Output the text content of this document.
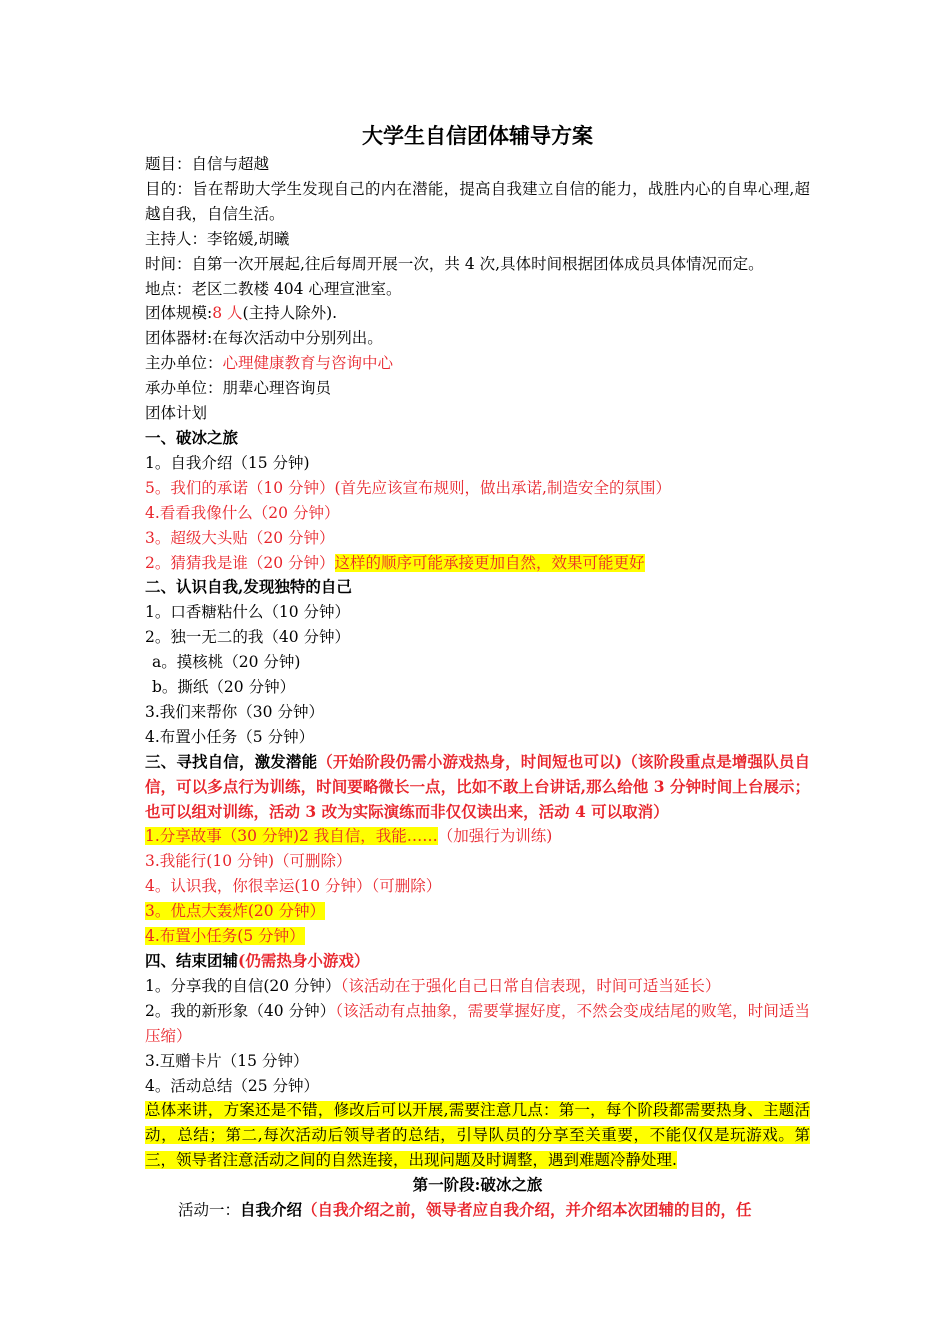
大学生自信团体辅导方案
题目：自信与超越
目的：旨在帮助大学生发现自己的内在潜能，提高自我建立自信的能力，战胜内心的自卑心理,超越自我，自信生活。
主持人：李铭媛,胡曦
时间：自第一次开展起,往后每周开展一次，共 4 次,具体时间根据团体成员具体情况而定。
地点：老区二教楼 404 心理宣泄室。
团体规模:8 人(主持人除外).
团体器材:在每次活动中分别列出。
主办单位：心理健康教育与咨询中心
承办单位：朋辈心理咨询员
团体计划
一、破冰之旅
1。自我介绍（15 分钟)
5。我们的承诺（10 分钟）(首先应该宣布规则，做出承诺,制造安全的氛围）
4.看看我像什么（20 分钟）
3。超级大头贴（20 分钟）
2。猜猜我是谁（20 分钟）这样的顺序可能承接更加自然，效果可能更好
二、认识自我,发现独特的自己
1。口香糖粘什么（10 分钟）
2。独一无二的我（40 分钟）
a。摸核桃（20 分钟)
b。撕纸（20 分钟）
3.我们来帮你（30 分钟）
4.布置小任务（5 分钟）
三、寻找自信，激发潜能（开始阶段仍需小游戏热身，时间短也可以)（该阶段重点是增强队员自信，可以多点行为训练，时间要略微长一点，比如不敢上台讲话,那么给他 3 分钟时间上台展示；也可以组对训练，活动 3 改为实际演练而非仅仅读出来，活动 4 可以取消）
1.分享故事（30 分钟)2 我自信，我能……（加强行为训练)
3.我能行(10 分钟)（可删除）
4。认识我，你很幸运(10 分钟）（可删除）
3。优点大轰炸(20 分钟）
4.布置小任务(5 分钟）
四、结束团辅(仍需热身小游戏）
1。分享我的自信(20 分钟）（该活动在于强化自己日常自信表现，时间可适当延长）
2。我的新形象（40 分钟）（该活动有点抽象，需要掌握好度，不然会变成结尾的败笔，时间适当压缩）
3.互赠卡片（15 分钟）
4。活动总结（25 分钟）
总体来讲，方案还是不错，修改后可以开展,需要注意几点：第一，每个阶段都需要热身、主题活动，总结；第二,每次活动后领导者的总结，引导队员的分享至关重要，不能仅仅是玩游戏。第三，领导者注意活动之间的自然连接，出现问题及时调整，遇到难题冷静处理.
第一阶段:破冰之旅
活动一：自我介绍（自我介绍之前，领导者应自我介绍，并介绍本次团辅的目的，任
